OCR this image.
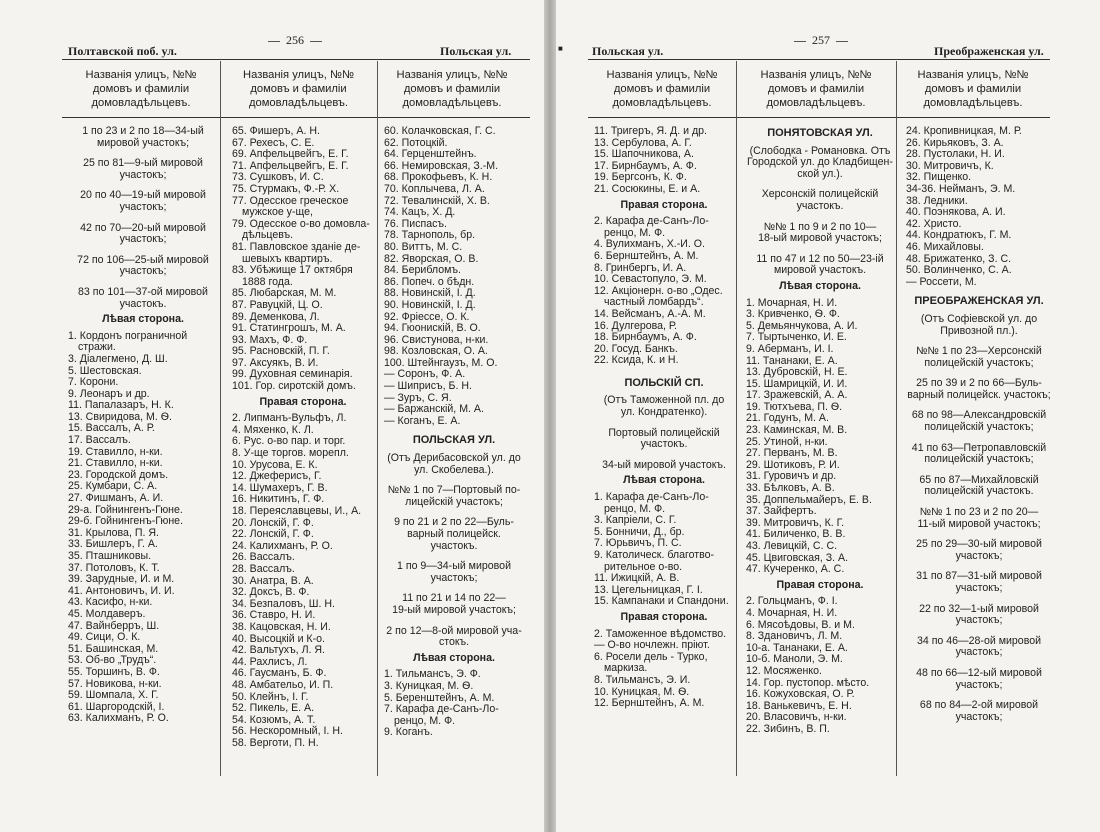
Полтавской поб. ул.
256
Польская ул.
Названія улицъ, №№
домовъ и фамиліи
домовладѣльцевъ.
Названія улицъ, №№
домовъ и фамиліи
домовладѣльцевъ.
Названія улицъ, №№
домовъ и фамиліи
домовладѣльцевъ.
1 по 23 и 2 по 18—34-ый
мировой участокъ;
25 по 81—9-ый мировой
участокъ;
20 по 40—19-ый мировой
участокъ;
42 по 70—20-ый мировой
участокъ;
72 по 106—25-ый мировой
участокъ;
83 по 101—37-ой мировой
участокъ.
Лѣвая сторона.
1. Кордонъ пограничной
стражи.
3. Діалегмено, Д. Ш.
5. Шестовская.
7. Корони.
9. Леонаръ и др.
11. Папалазаръ, Н. К.
13. Свиридова, М. Ѳ.
15. Вассалъ, А. Р.
17. Вассалъ.
19. Ставилло, н-ки.
21. Ставилло, н-ки.
23. Городской домъ.
25. Кумбари, С. А.
27. Фишманъ, А. И.
29-а. Гойнингенъ-Гюне.
29-б. Гойнингенъ-Гюне.
31. Крылова, П. Я.
33. Бишлеръ, Г. А.
35. Пташниковы.
37. Потоловъ, К. Т.
39. Зарудные, И. и М.
41. Антоновичъ, И. И.
43. Касифо, н-ки.
45. Молдаверъ.
47. Вайнберръ, Ш.
49. Сици, О. К.
51. Башинская, М.
53. Об-во „Трудъ“.
55. Торшинъ, В. Ф.
57. Новикова, н-ки.
59. Шомпала, Х. Г.
61. Шаргородскій, І.
63. Калихманъ, Р. О.
65. Фишеръ, А. Н.
67. Рехесъ, С. Е.
69. Апфельцвейгъ, Е. Г.
71. Апфельцвейгъ, Е. Г.
73. Сушковъ, И. С.
75. Стурмакъ, Ф.-Р. Х.
77. Одесское греческое
мужское у-ще,
79. Одесское о-во домовла-
дѣльцевъ.
81. Павловское зданіе де-
шевыхъ квартиръ.
83. Убѣжище 17 октября
1888 года.
85. Любарская, М. М.
87. Равуцкій, Ц. О.
89. Деменкова, Л.
91. Статингрошъ, М. А.
93. Махъ, Ф. Ф.
95. Расновскій, П. Г.
97. Аксуякъ, В. И.
99. Духовная семинарія.
101. Гор. сиротскій домъ.
Правая сторона.
2. Липманъ-Вульфъ, Л.
4. Мяхенко, К. Л.
6. Рус. о-во пар. и торг.
8. У-ще торгов. морепл.
10. Урусова, Е. К.
12. Джеферисъ, Г.
14. Шумахеръ, Г. В.
16. Никитинъ, Г. Ф.
18. Переяславцевы, И., А.
20. Лонскій, Г. Ф.
22. Лонскій, Г. Ф.
24. Калихманъ, Р. О.
26. Вассалъ.
28. Вассалъ.
30. Анатра, В. А.
32. Доксъ, В. Ф.
34. Безпаловъ, Ш. Н.
36. Ставро, Н. И.
38. Кацовская, Н. И.
40. Высоцкій и К-о.
42. Вальтухъ, Л. Я.
44. Рахлисъ, Л.
46. Гаусманъ, Б. Ф.
48. Амбательо, И. П.
50. Клейнъ, І. Г.
52. Пикель, Е. А.
54. Козюмъ, А. Т.
56. Нескоромный, І. Н.
58. Верготи, П. Н.
60. Колачковская, Г. С.
62. Потоцкій.
64. Герценштейнъ.
66. Немировская, З.-М.
68. Прокофьевъ, К. Н.
70. Коплычева, Л. А.
72. Тевалинскій, Х. В.
74. Кацъ, Х. Д.
76. Писпасъ.
78. Тарнополь, бр.
80. Виттъ, М. С.
82. Яворская, О. В.
84. Берибломъ.
86. Попеч. о бѣдн.
88. Новинскій, І. Д.
90. Новинскій, І. Д.
92. Фріессе, О. К.
94. Гюонискій, В. О.
96. Свистунова, н-ки.
98. Козловская, О. А.
100. Штейнгаузъ, М. О.
— Соронъ, Ф. А.
— Шиприсъ, Б. Н.
— Зуръ, С. Я.
— Баржанскій, М. А.
— Коганъ, Е. А.
ПОЛЬСКАЯ УЛ.
(Отъ Дерибасовской ул. до
ул. Скобелева.).
№№ 1 по 7—Портовый по-
лицейскій участокъ;
9 по 21 и 2 по 22—Буль-
варный полицейск. участокъ.
1 по 9—34-ый мировой
участокъ;
11 по 21 и 14 по 22—
19-ый мировой участокъ;
2 по 12—8-ой мировой уча-
стокъ.
Лѣвая сторона.
1. Тильмансъ, Э. Ф.
3. Куницкая, М. Ѳ.
5. Беренштейнъ, А. М.
7. Карафа де-Санъ-Ло-
ренцо, М. Ф.
9. Коганъ.
■ Польская ул.
257
Преображенская ул.
Названія улицъ, №№
домовъ и фамиліи
домовладѣльцевъ.
Названія улицъ, №№
домовъ и фамиліи
домовладѣльцевъ.
Названія улицъ, №№
домовъ и фамиліи
домовладѣльцевъ.
11. Тригеръ, Я. Д. и др.
13. Сербулова, А. Г.
15. Шапочникова, А.
17. Бирнбаумъ, А. Ф.
19. Бергсонъ, К. Ф.
21. Сосюкины, Е. и А.
Правая сторона.
2. Карафа де-Санъ-Ло-
ренцо, М. Ф.
4. Вулихманъ, Х.-И. О.
6. Бернштейнъ, А. М.
8. Гринбергъ, И. А.
10. Севастопуло, Э. М.
12. Акціонерн. о-во „Одес.
частный ломбардъ“.
14. Вейсманъ, А.-А. М.
16. Дулгерова, Р.
18. Бирнбаумъ, А. Ф.
20. Госуд. Банкъ.
22. Ксида, К. и Н.
ПОЛЬСКІЙ СП.
(Отъ Таможенной пл. до
ул. Кондратенко).
Портовый полицейскій
участокъ.
34-ый мировой участокъ.
Лѣвая сторона.
1. Карафа де-Санъ-Ло-
ренцо, М. Ф.
3. Капріели, С. Г.
5. Бонничи, Д., бр.
7. Юрьвичъ, П. С.
9. Католическ. благотво-
рительное о-во.
11. Ижицкій, А. В.
13. Цегельницкая, Г. І.
15. Кампанаки и Спандони.
Правая сторона.
2. Таможенное вѣдомство.
— О-во ночлежн. пріют.
6. Росели дель - Турко,
маркиза.
8. Тильмансъ, Э. И.
10. Куницкая, М. Ѳ.
12. Бернштейнъ, А. М.
ПОНЯТОВСКАЯ УЛ.
(Слободка - Романовка. Отъ
Городской ул. до Кладбищен-
ской ул.).
Херсонскій полицейскій
участокъ.
№№ 1 по 9 и 2 по 10—
18-ый мировой участокъ;
11 по 47 и 12 по 50—23-ій
мировой участокъ.
Лѣвая сторона.
1. Мочарная, Н. И.
3. Кривченко, Ѳ. Ф.
5. Демьянчукова, А. И.
7. Тыртыченко, И. Е.
9. Аберманъ, И. І.
11. Тананаки, Е. А.
13. Дубровскій, Н. Е.
15. Шамрицкій, И. И.
17. Зражевскій, А. А.
19. Тютхъева, П. Ѳ.
21. Годунъ, М. А.
23. Каминская, М. В.
25. Утиной, н-ки.
27. Перванъ, М. В.
29. Шотиковъ, Р. И.
31. Гуровичъ и др.
33. Бѣлковъ, А. В.
35. Доппельмайеръ, Е. В.
37. Зайфертъ.
39. Митровичъ, К. Г.
41. Биличенко, В. В.
43. Левицкій, С. С.
45. Цвиговская, З. А.
47. Кучеренко, А. С.
Правая сторона.
2. Гольцманъ, Ф. І.
4. Мочарная, Н. И.
6. Мясоѣдовы, В. и М.
8. Здановичъ, Л. М.
10-а. Тананаки, Е. А.
10-б. Маноли, Э. М.
12. Мосяженко.
14. Гор. пустопор. мѣсто.
16. Кожуховская, О. Р.
18. Ванькевичъ, Е. Н.
20. Власовичъ, н-ки.
22. Зибинъ, В. П.
24. Кропивницкая, М. Р.
26. Кирьяковъ, З. А.
28. Пустолаки, Н. И.
30. Митровичъ, К.
32. Пищенко.
34-36. Нейманъ, Э. М.
38. Ледники.
40. Поэнякова, А. И.
42. Христо.
44. Кондратюкъ, Г. М.
46. Михайловы.
48. Брижатенко, З. С.
50. Волинченко, С. А.
— Россети, М.
ПРЕОБРАЖЕНСКАЯ УЛ.
(Отъ Софіевской ул. до
Привозной пл.).
№№ 1 по 23—Херсонскій
полицейскій участокъ;
25 по 39 и 2 по 66—Буль-
варный полицейск. участокъ;
68 по 98—Александровскій
полицейскій участокъ;
41 по 63—Петропавловскій
полицейскій участокъ;
65 по 87—Михайловскій
полицейскій участокъ.
№№ 1 по 23 и 2 по 20—
11-ый мировой участокъ;
25 по 29—30-ый мировой
участокъ;
31 по 87—31-ый мировой
участокъ;
22 по 32—1-ый мировой
участокъ;
34 по 46—28-ой мировой
участокъ;
48 по 66—12-ый мировой
участокъ;
68 по 84—2-ой мировой
участокъ;
